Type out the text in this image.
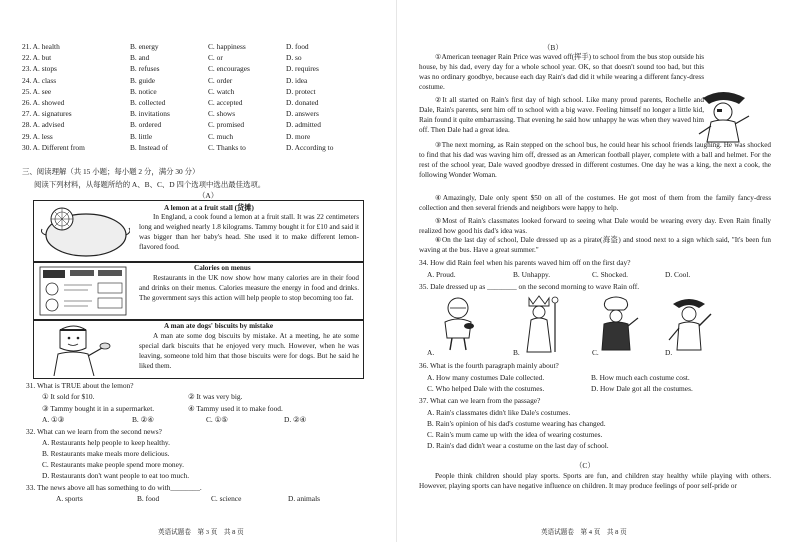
21. A. health	B. energy	C. happiness	D. food
22. A. but	B. and	C. or	D. so
23. A. stops	B. refuses	C. encourages	D. requires
24. A. class	B. guide	C. order	D. idea
25. A. see	B. notice	C. watch	D. protect
26. A. showed	B. collected	C. accepted	D. donated
27. A. signatures	B. invitations	C. shows	D. answers
28. A. advised	B. ordered	C. promised	D. admitted
29. A. less	B. little	C. much	D. more
30. A. Different from	B. Instead of	C. Thanks to	D. According to
三、阅读理解（共 15 小题；每小题 2 分，满分 30 分）
阅读下列材料，从每题所给的 A、B、C、D 四个选项中选出最佳选项。
（A）
A lemon at a fruit stall (货摊)
In England, a cook found a lemon at a fruit stall. It was 22 centimeters long and weighed nearly 1.8 kilograms. Tammy bought it for £10 and said it was bigger than her baby's head. She used it to make different lemon- flavored food.
Calories on menus
Restaurants in the UK now show how many calories are in their food and drinks on their menus. Calories measure the energy in food and drinks. The government says this action will help people to stop becoming too fat.
A man ate dogs' biscuits by mistake
A man ate some dog biscuits by mistake. At a meeting, he ate some special dark biscuits that he enjoyed very much. However, when he was leaving, someone told him that those biscuits were for dogs. But he said he liked them.
31. What is TRUE about the lemon?
① It sold for $10.	② It was very big.
③ Tammy bought it in a supermarket.	④ Tammy used it to make food.
A. ①③	B. ②④	C. ①⑤	D. ②④
32. What can we learn from the second news?
A. Restaurants help people to keep healthy.
B. Restaurants make meals more delicious.
C. Restaurants make people spend more money.
D. Restaurants don't want people to eat too much.
33. The news above all has something to do with________.
A. sports	B. food	C. science	D. animals
英语试题卷　第 3 页　共 8 页
（B）
①American teenager Rain Price was waved off(挥手) to school from the bus stop outside his house, by his dad, every day for a whole school year. OK, so that doesn't sound too bad, but this was no ordinary goodbye, because each day Rain's dad did it while wearing a different fancy-dress costume.
②It all started on Rain's first day of high school. Like many proud parents, Rochelle and Dale, Rain's parents, sent him off to school with a big wave. Feeling himself no longer a little kid, Rain found it quite embarrassing. That evening he said how unhappy he was when they waved him off. Then Dale had a great idea.
③The next morning, as Rain stepped on the school bus, he could hear his school friends laughing. He was shocked to find that his dad was waving him off, dressed as an American football player, complete with a ball and helmet. For the rest of the school year, Dale waved goodbye dressed in different costumes. One day he was a king, the next a cook, the following Wonder Woman.
④Amazingly, Dale only spent $50 on all of the costumes. He got most of them from the family fancy-dress collection and then several friends and neighbors were happy to help.
⑤Most of Rain's classmates looked forward to seeing what Dale would be wearing every day. Even Rain finally realized how good his dad's idea was.
⑥On the last day of school, Dale dressed up as a pirate(海盗) and stood next to a sign which said, "It's been fun waving at the bus. Have a great summer."
34. How did Rain feel when his parents waved him off on the first day?
A. Proud.	B. Unhappy.	C. Shocked.	D. Cool.
35. Dale dressed up as ________ on the second morning to wave Rain off.
A.	B.	C.	D.
36. What is the fourth paragraph mainly about?
A. How many costumes Dale collected.	B. How much each costume cost.
C. Who helped Dale with the costumes.	D. How Dale got all the costumes.
37. What can we learn from the passage?
A. Rain's classmates didn't like Dale's costumes.
B. Rain's opinion of his dad's costume wearing has changed.
C. Rain's mum came up with the idea of wearing costumes.
D. Rain's dad didn't wear a costume on the last day of school.
（C）
People think children should play sports. Sports are fun, and children stay healthy while playing with others. However, playing sports can have negative influence on children. It may produce feelings of poor self-pride or
英语试题卷　第 4 页　共 8 页
